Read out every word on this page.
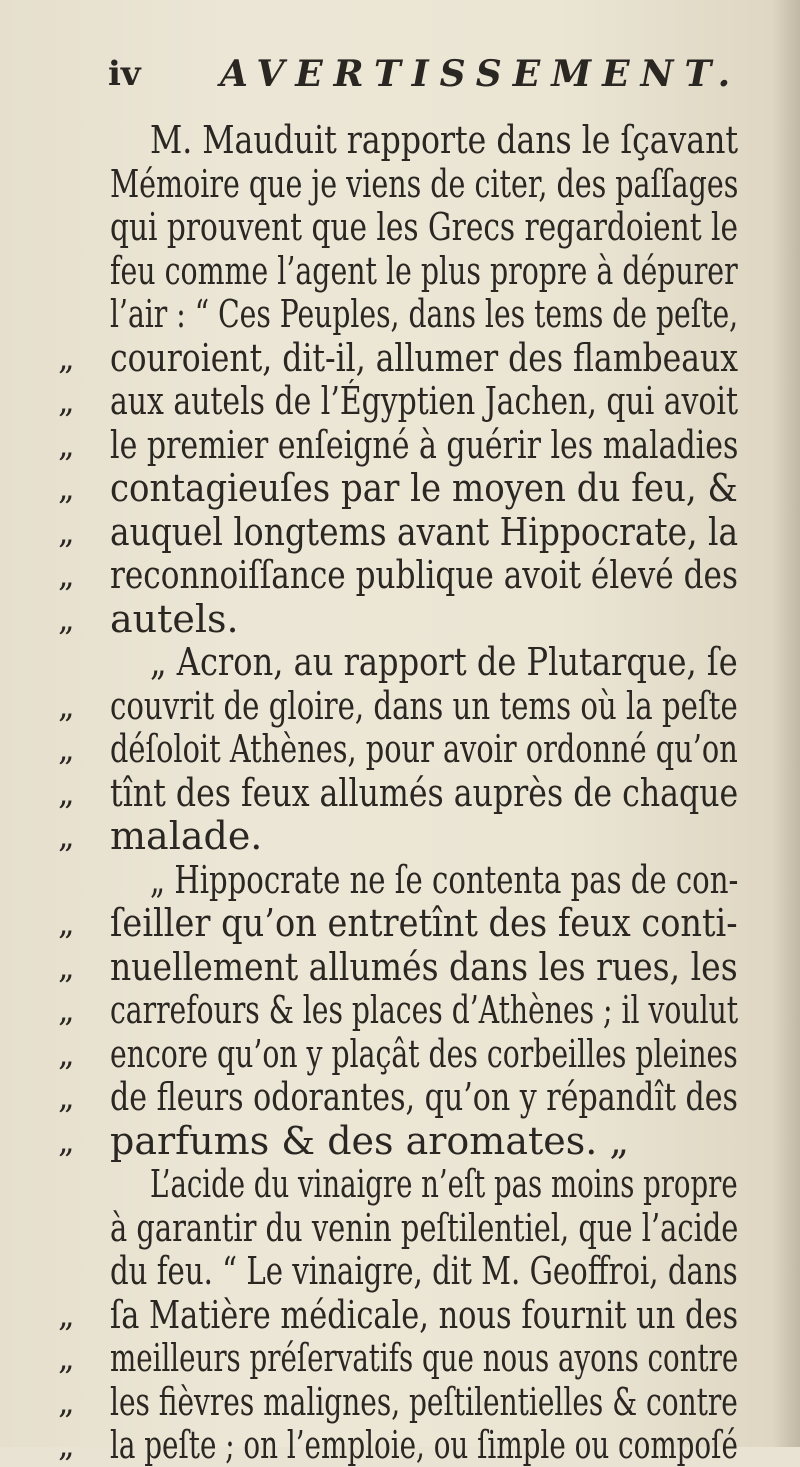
iv AVERTISSEMENT.
M. Mauduit rapporte dans le ſçavant
Mémoire que je viens de citer, des paſſages
qui prouvent que les Grecs regardoient le
feu comme l’agent le plus propre à dépurer
l’air : “ Ces Peuples, dans les tems de peſte,
„ couroient, dit-il, allumer des flambeaux
„ aux autels de l’Égyptien Jachen, qui avoit
„ le premier enſeigné à guérir les maladies
„ contagieuſes par le moyen du feu, &
„ auquel longtems avant Hippocrate, la
„ reconnoiſſance publique avoit élevé des
„ autels.
„ Acron, au rapport de Plutarque, ſe
„ couvrit de gloire, dans un tems où la peſte
„ déſoloit Athènes, pour avoir ordonné qu’on
„ tînt des feux allumés auprès de chaque
„ malade.
„ Hippocrate ne ſe contenta pas de con-
„ ſeiller qu’on entretînt des feux conti-
„ nuellement allumés dans les rues, les
„ carrefours & les places d’Athènes ; il voulut
„ encore qu’on y plaçât des corbeilles pleines
„ de fleurs odorantes, qu’on y répandît des
„ parfums & des aromates. „
L’acide du vinaigre n’eſt pas moins propre
à garantir du venin peſtilentiel, que l’acide
du feu. “ Le vinaigre, dit M. Geoffroi, dans
„ ſa Matière médicale, nous fournit un des
„ meilleurs préſervatifs que nous ayons contre
„ les fièvres malignes, peſtilentielles & contre
„ la peſte ; on l’emploie, ou ſimple ou compoſé
